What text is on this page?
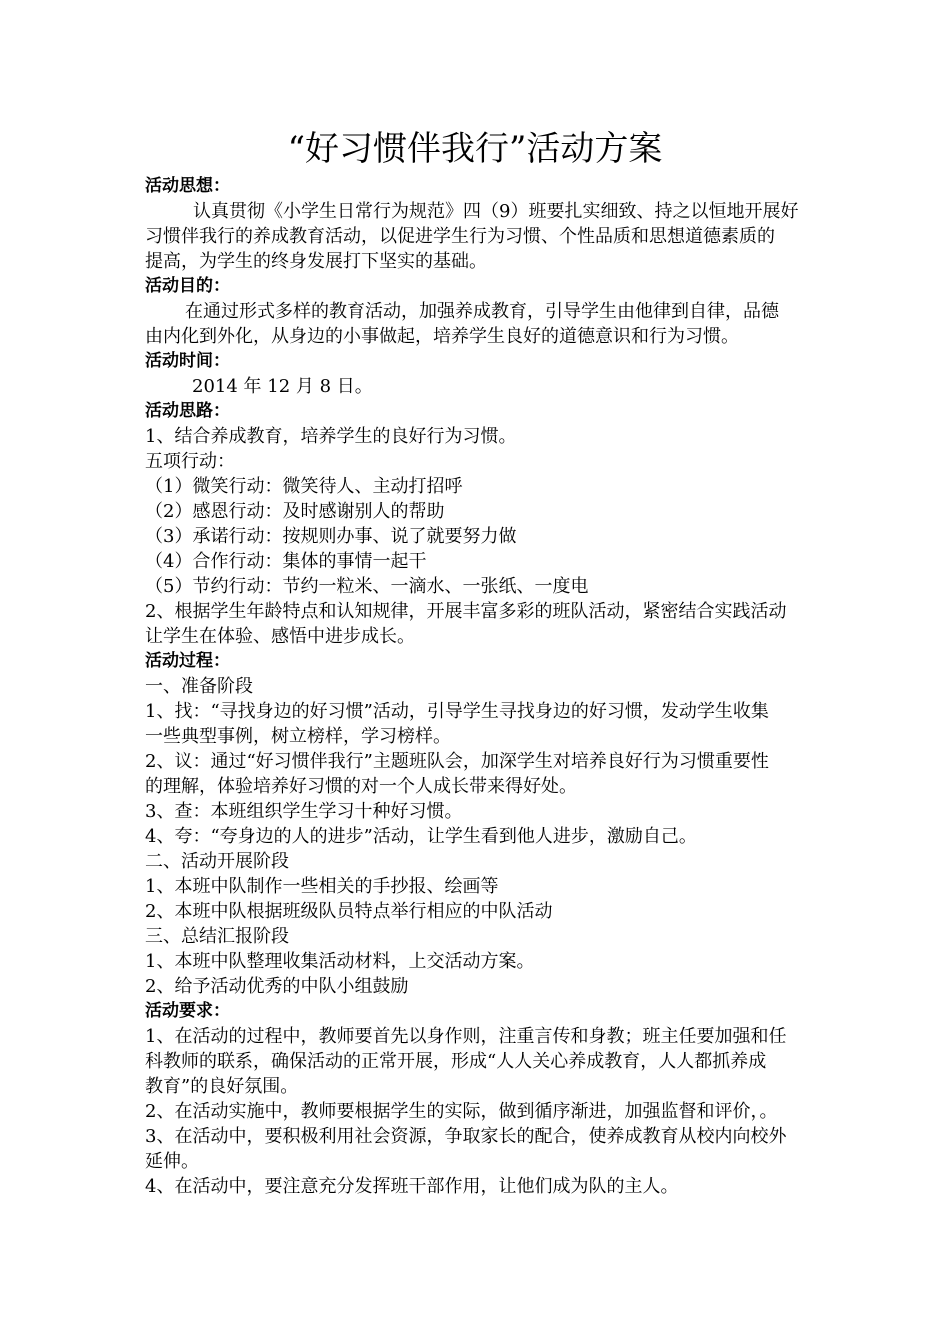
“好习惯伴我行”活动方案
活动思想：
认真贯彻《小学生日常行为规范》四（9）班要扎实细致、持之以恒地开展好
习惯伴我行的养成教育活动，以促进学生行为习惯、个性品质和思想道德素质的
提高，为学生的终身发展打下坚实的基础。
活动目的：
在通过形式多样的教育活动，加强养成教育，引导学生由他律到自律，品德
由内化到外化，从身边的小事做起，培养学生良好的道德意识和行为习惯。
活动时间：
2014 年 12 月 8 日。
活动思路：
1、结合养成教育，培养学生的良好行为习惯。
五项行动：
（1）微笑行动：微笑待人、主动打招呼
（2）感恩行动：及时感谢别人的帮助
（3）承诺行动：按规则办事、说了就要努力做
（4）合作行动：集体的事情一起干
（5）节约行动：节约一粒米、一滴水、一张纸、一度电
2、根据学生年龄特点和认知规律，开展丰富多彩的班队活动，紧密结合实践活动
让学生在体验、感悟中进步成长。
活动过程：
一、准备阶段
1、找：“寻找身边的好习惯”活动，引导学生寻找身边的好习惯，发动学生收集
一些典型事例，树立榜样，学习榜样。
2、议：通过“好习惯伴我行”主题班队会，加深学生对培养良好行为习惯重要性
的理解，体验培养好习惯的对一个人成长带来得好处。
3、查：本班组织学生学习十种好习惯。
4、夸：“夸身边的人的进步”活动，让学生看到他人进步，激励自己。
二、活动开展阶段
1、本班中队制作一些相关的手抄报、绘画等
2、本班中队根据班级队员特点举行相应的中队活动
三、总结汇报阶段
1、本班中队整理收集活动材料，上交活动方案。
2、给予活动优秀的中队小组鼓励
活动要求：
1、在活动的过程中，教师要首先以身作则，注重言传和身教；班主任要加强和任
科教师的联系，确保活动的正常开展，形成“人人关心养成教育，人人都抓养成
教育”的良好氛围。
2、在活动实施中，教师要根据学生的实际，做到循序渐进，加强监督和评价，。
3、在活动中，要积极利用社会资源，争取家长的配合，使养成教育从校内向校外
延伸。
4、在活动中，要注意充分发挥班干部作用，让他们成为队的主人。
